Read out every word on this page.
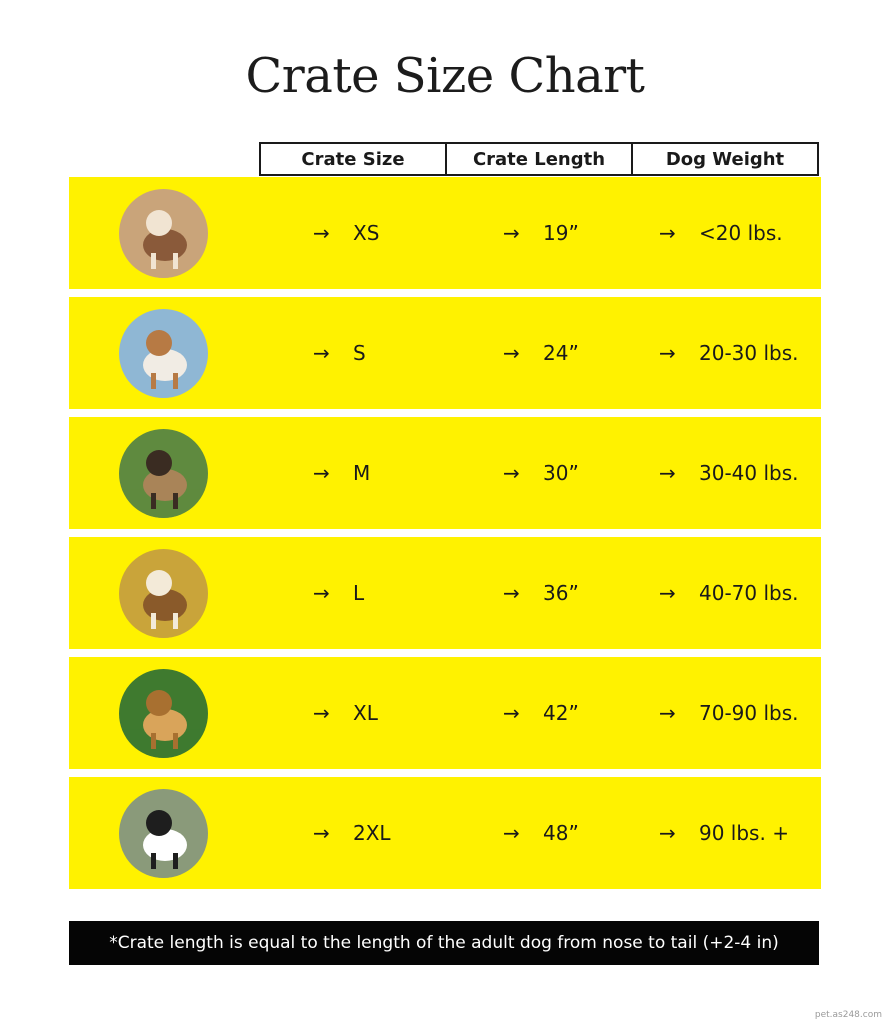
Crate Size Chart
Crate Size	Crate Length	Dog Weight
→	XS	→	19”	→	<20 lbs.
→	S	→	24”	→	20-30 lbs.
→	M	→	30”	→	30-40 lbs.
→	L	→	36”	→	40-70 lbs.
→	XL	→	42”	→	70-90 lbs.
→	2XL	→	48”	→	90 lbs. +
*Crate length is equal to the length of the adult dog from nose to tail (+2-4 in)
pet.as248.com
